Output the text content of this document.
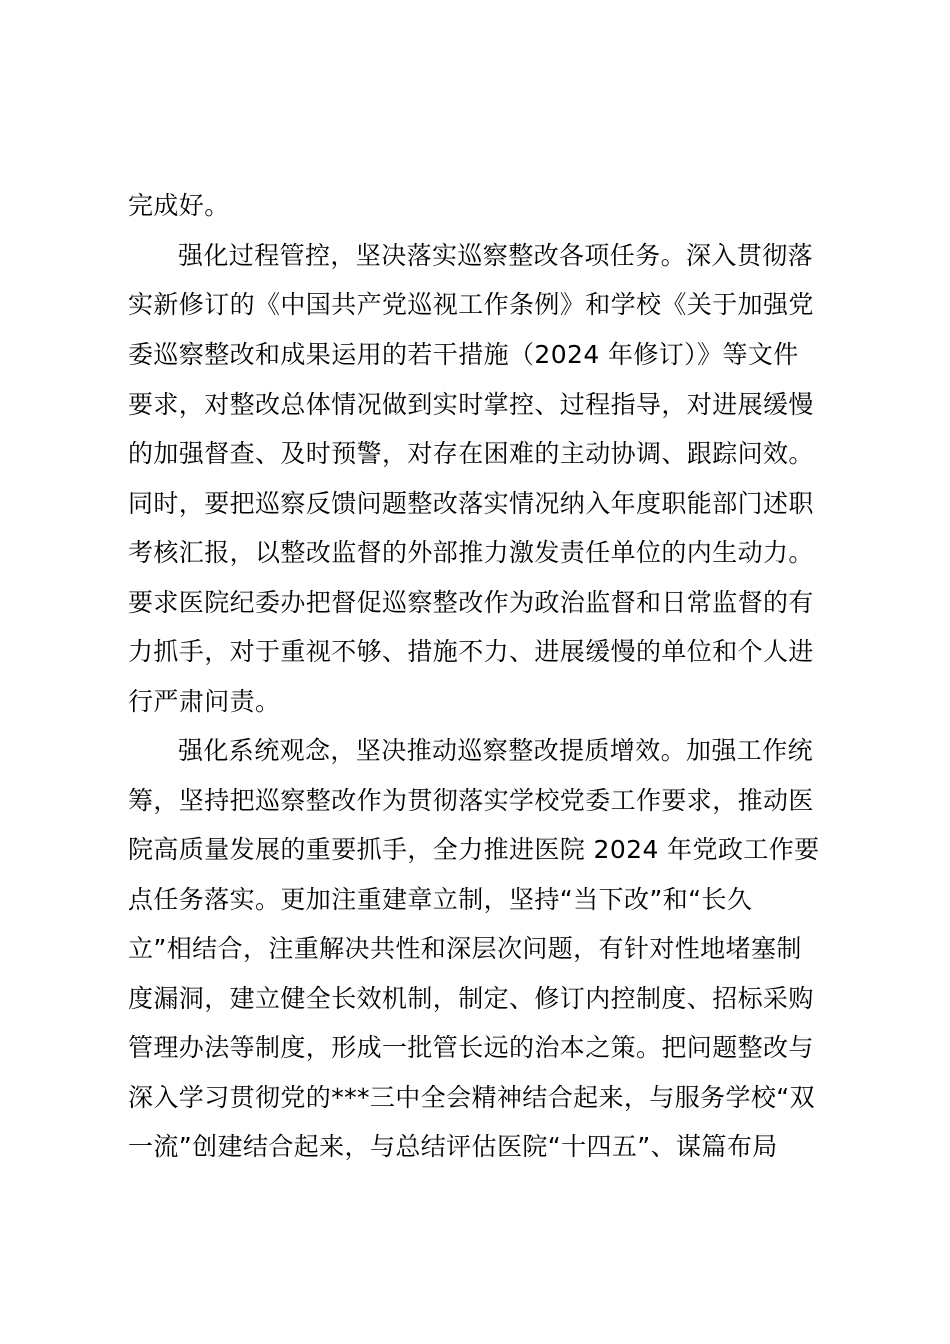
完成好。
强化过程管控，坚决落实巡察整改各项任务。深入贯彻落
实新修订的《中国共产党巡视工作条例》和学校《关于加强党
委巡察整改和成果运用的若干措施（2024 年修订）》等文件
要求，对整改总体情况做到实时掌控、过程指导，对进展缓慢
的加强督查、及时预警，对存在困难的主动协调、跟踪问效。
同时，要把巡察反馈问题整改落实情况纳入年度职能部门述职
考核汇报，以整改监督的外部推力激发责任单位的内生动力。
要求医院纪委办把督促巡察整改作为政治监督和日常监督的有
力抓手，对于重视不够、措施不力、进展缓慢的单位和个人进
行严肃问责。
强化系统观念，坚决推动巡察整改提质增效。加强工作统
筹，坚持把巡察整改作为贯彻落实学校党委工作要求，推动医
院高质量发展的重要抓手，全力推进医院 2024 年党政工作要
点任务落实。更加注重建章立制，坚持“当下改”和“长久
立”相结合，注重解决共性和深层次问题，有针对性地堵塞制
度漏洞，建立健全长效机制，制定、修订内控制度、招标采购
管理办法等制度，形成一批管长远的治本之策。把问题整改与
深入学习贯彻党的***三中全会精神结合起来，与服务学校“双
一流”创建结合起来，与总结评估医院“十四五”、谋篇布局
